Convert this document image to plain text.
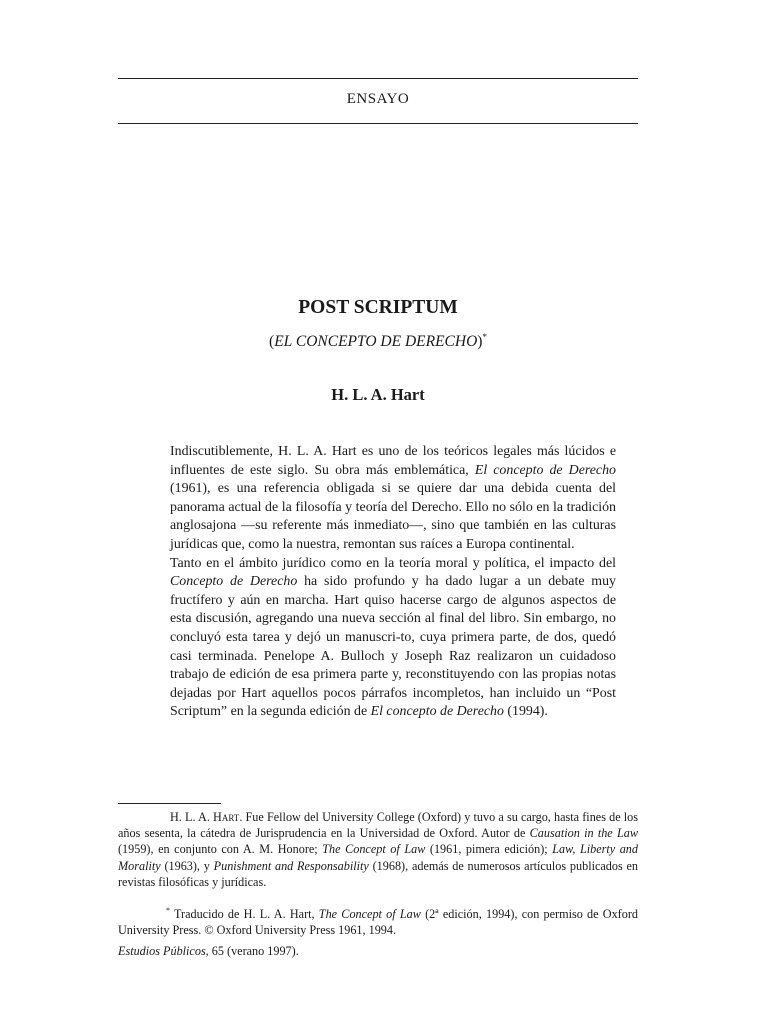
ENSAYO
POST SCRIPTUM
(EL CONCEPTO DE DERECHO)*
H. L. A. Hart

Indiscutiblemente, H. L. A. Hart es uno de los teóricos legales más lúcidos e influentes de este siglo. Su obra más emblemática, El concepto de Derecho (1961), es una referencia obligada si se quiere dar una debida cuenta del panorama actual de la filosofía y teoría del Derecho. Ello no sólo en la tradición anglosajona —su referente más inmediato—, sino que también en las culturas jurídicas que, como la nuestra, remontan sus raíces a Europa continental.

Tanto en el ámbito jurídico como en la teoría moral y política, el impacto del Concepto de Derecho ha sido profundo y ha dado lugar a un debate muy fructífero y aún en marcha. Hart quiso hacerse cargo de algunos aspectos de esta discusión, agregando una nueva sección al final del libro. Sin embargo, no concluyó esta tarea y dejó un manuscri-to, cuya primera parte, de dos, quedó casi terminada. Penelope A. Bulloch y Joseph Raz realizaron un cuidadoso trabajo de edición de esa primera parte y, reconstituyendo con las propias notas dejadas por Hart aquellos pocos párrafos incompletos, han incluido un “Post Scriptum” en la segunda edición de El concepto de Derecho (1994).

H. L. A. Hart. Fue Fellow del University College (Oxford) y tuvo a su cargo, hasta fines de los años sesenta, la cátedra de Jurisprudencia en la Universidad de Oxford. Autor de Causation in the Law (1959), en conjunto con A. M. Honore; The Concept of Law (1961, pimera edición); Law, Liberty and Morality (1963), y Punishment and Responsability (1968), además de numerosos artículos publicados en revistas filosóficas y jurídicas.

* Traducido de H. L. A. Hart, The Concept of Law (2ª edición, 1994), con permiso de Oxford University Press. © Oxford University Press 1961, 1994.

Estudios Públicos, 65 (verano 1997).
